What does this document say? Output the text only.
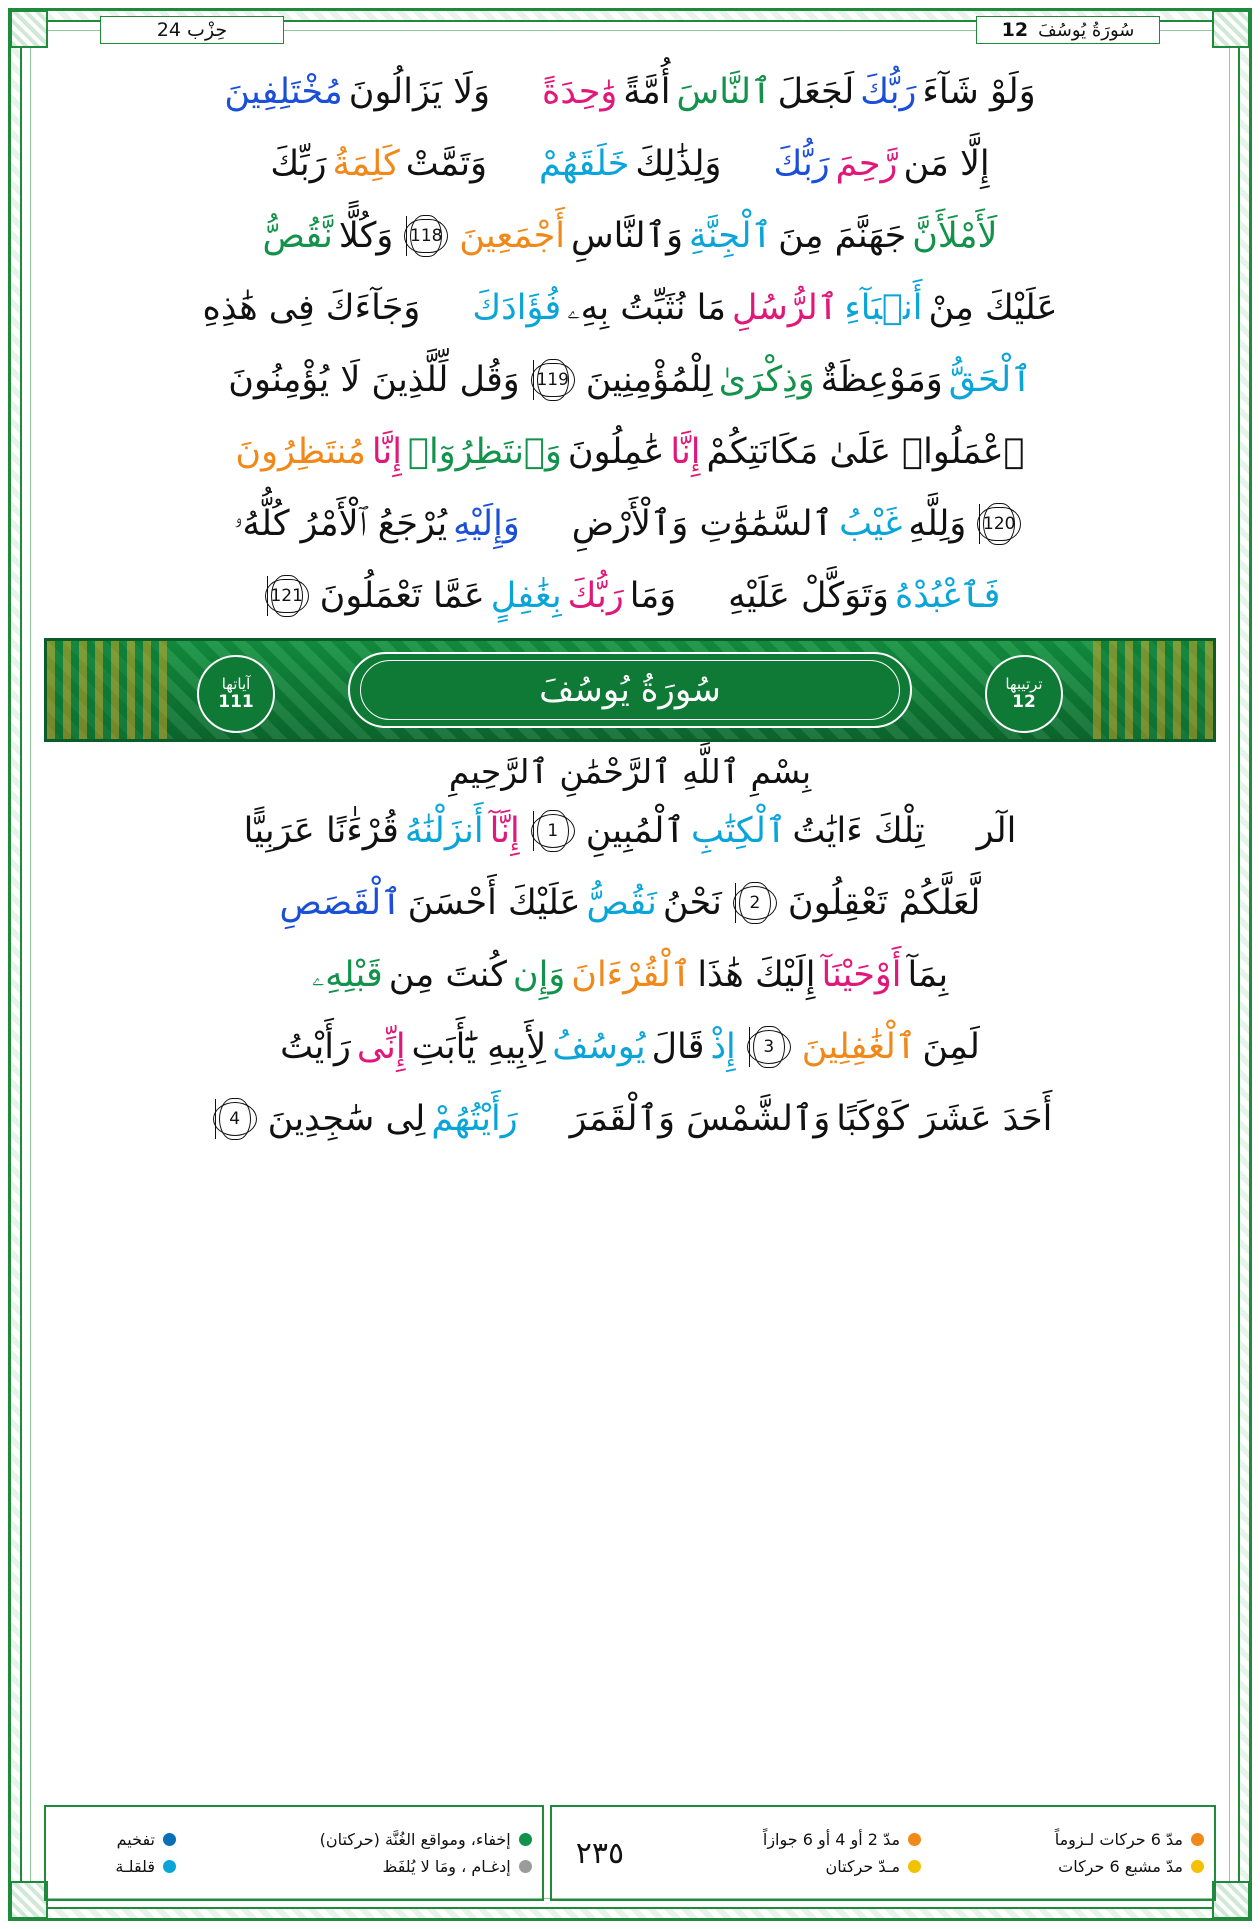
سُورَةُ يُوسُفَ
12
حِزْب 24
وَلَوْ شَآءَ
رَبُّكَ
لَجَعَلَ
ٱلنَّاسَ
أُمَّةً
وَٰحِدَةً
وَلَا يَزَالُونَ
مُخْتَلِفِينَ
إِلَّا مَن
رَّحِمَ
رَبُّكَ
وَلِذَٰلِكَ
خَلَقَهُمْ
وَتَمَّتْ
كَلِمَةُ
رَبِّكَ
لَأَمْلَأَنَّ
جَهَنَّمَ مِنَ
ٱلْجِنَّةِ
وَٱلنَّاسِ
أَجْمَعِينَ
118
وَكُلًّا
نَّقُصُّ
عَلَيْكَ مِنْ
أَنۢبَآءِ
ٱلرُّسُلِ
مَا نُثَبِّتُ بِهِۦ
فُؤَادَكَ
وَجَآءَكَ فِى هَٰذِهِ
ٱلْحَقُّ
وَمَوْعِظَةٌ
وَذِكْرَىٰ
لِلْمُؤْمِنِينَ
119
وَقُل لِّلَّذِينَ لَا يُؤْمِنُونَ
ٱعْمَلُوا۟ عَلَىٰ مَكَانَتِكُمْ
إِنَّا
عَٰمِلُونَ
وَٱنتَظِرُوٓا۟
إِنَّا
مُنتَظِرُونَ
120
وَلِلَّهِ
غَيْبُ
ٱلسَّمَٰوَٰتِ وَٱلْأَرْضِ
وَإِلَيْهِ
يُرْجَعُ ٱلْأَمْرُ كُلُّهُۥ
فَٱعْبُدْهُ
وَتَوَكَّلْ عَلَيْهِ
وَمَا
رَبُّكَ
بِغَٰفِلٍ
عَمَّا تَعْمَلُونَ
121
ترتيبها
12
آياتها
111	سُورَةُ يُوسُفَ
بِسْمِ ٱللَّهِ ٱلرَّحْمَٰنِ ٱلرَّحِيمِ
الٓر
تِلْكَ ءَايَٰتُ
ٱلْكِتَٰبِ
ٱلْمُبِينِ
1
إِنَّآ
أَنزَلْنَٰهُ
قُرْءَٰنًا عَرَبِيًّا
لَّعَلَّكُمْ تَعْقِلُونَ
2
نَحْنُ
نَقُصُّ
عَلَيْكَ أَحْسَنَ
ٱلْقَصَصِ
بِمَآ
أَوْحَيْنَآ
إِلَيْكَ هَٰذَا
ٱلْقُرْءَانَ
وَإِن
كُنتَ مِن
قَبْلِهِۦ
لَمِنَ
ٱلْغَٰفِلِينَ
3
إِذْ
قَالَ
يُوسُفُ
لِأَبِيهِ يَٰٓأَبَتِ
إِنِّى
رَأَيْتُ
أَحَدَ عَشَرَ كَوْكَبًا
وَٱلشَّمْسَ وَٱلْقَمَرَ
رَأَيْتُهُمْ
لِى سَٰجِدِينَ
4
مدّ 6 حركات لـزوماً
مدّ مشبع 6 حركات
مدّ 2 أو 4 أو 6 جوازاً
مـدّ حركتان
٢٣٥
إخفاء، ومواقع الغُنَّة (حركتان)
إدغـام ، ومَا لا يُلفَظ
تفخيم
قلقلـة
